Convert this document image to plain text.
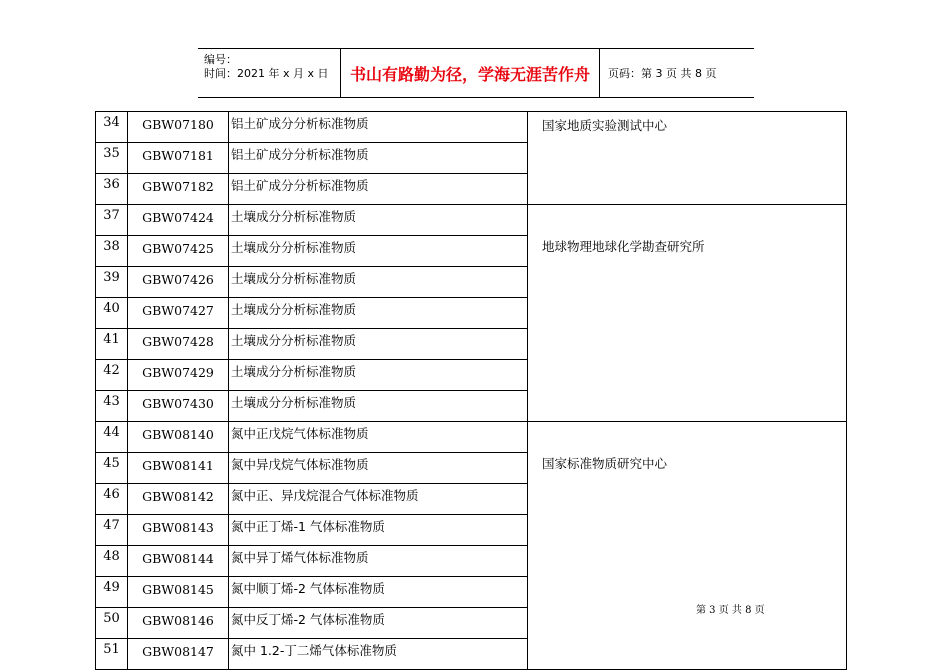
编号：
时间：2021 年 x 月 x 日	书山有路勤为径，学海无涯苦作舟	页码：第 3 页 共 8 页
34	GBW07180	铝土矿成分分析标准物质	国家地质实验测试中心
35	GBW07181	铝土矿成分分析标准物质	
36	GBW07182	铝土矿成分分析标准物质	
37	GBW07424	土壤成分分析标准物质	地球物理地球化学勘查研究所
38	GBW07425	土壤成分分析标准物质	
39	GBW07426	土壤成分分析标准物质	
40	GBW07427	土壤成分分析标准物质	
41	GBW07428	土壤成分分析标准物质	
42	GBW07429	土壤成分分析标准物质	
43	GBW07430	土壤成分分析标准物质	
44	GBW08140	氮中正戊烷气体标准物质	国家标准物质研究中心
45	GBW08141	氮中异戊烷气体标准物质	
46	GBW08142	氮中正、异戊烷混合气体标准物质	
47	GBW08143	氮中正丁烯-1 气体标准物质	
48	GBW08144	氮中异丁烯气体标准物质	
49	GBW08145	氮中顺丁烯-2 气体标准物质	
50	GBW08146	氮中反丁烯-2 气体标准物质	
51	GBW08147	氮中 1.2-丁二烯气体标准物质	
第 3 页 共 8 页
